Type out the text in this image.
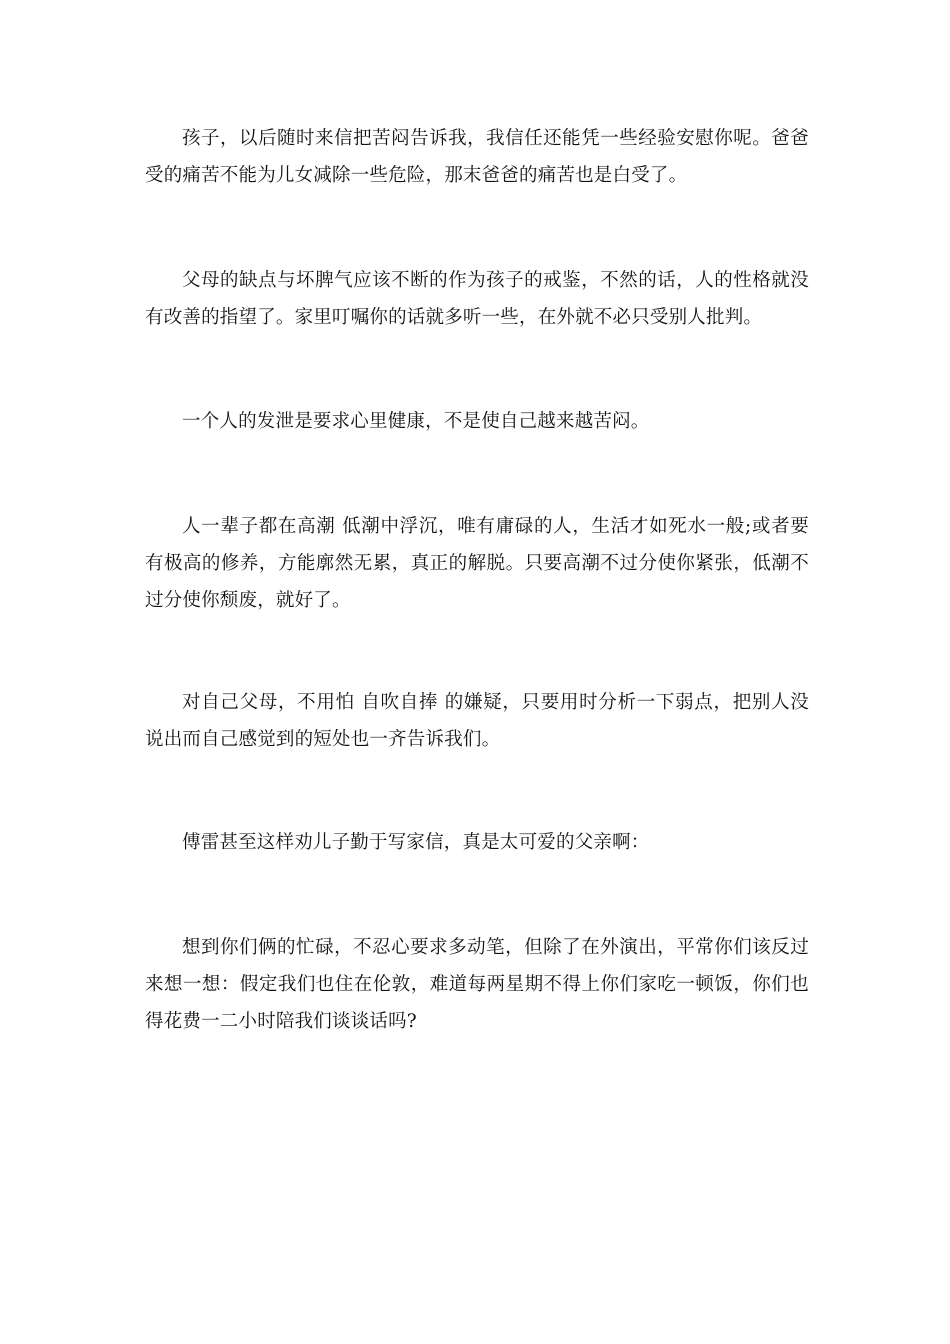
孩子，以后随时来信把苦闷告诉我，我信任还能凭一些经验安慰你呢。爸爸受的痛苦不能为儿女减除一些危险，那末爸爸的痛苦也是白受了。

父母的缺点与坏脾气应该不断的作为孩子的戒鉴，不然的话，人的性格就没有改善的指望了。家里叮嘱你的话就多听一些，在外就不必只受别人批判。

一个人的发泄是要求心里健康，不是使自己越来越苦闷。

人一辈子都在高潮 低潮中浮沉，唯有庸碌的人，生活才如死水一般;或者要有极高的修养，方能廓然无累，真正的解脱。只要高潮不过分使你紧张，低潮不过分使你颓废，就好了。

对自己父母，不用怕 自吹自捧 的嫌疑，只要用时分析一下弱点，把别人没说出而自己感觉到的短处也一齐告诉我们。

傅雷甚至这样劝儿子勤于写家信，真是太可爱的父亲啊：

想到你们俩的忙碌，不忍心要求多动笔，但除了在外演出，平常你们该反过来想一想：假定我们也住在伦敦，难道每两星期不得上你们家吃一顿饭，你们也得花费一二小时陪我们谈谈话吗?
